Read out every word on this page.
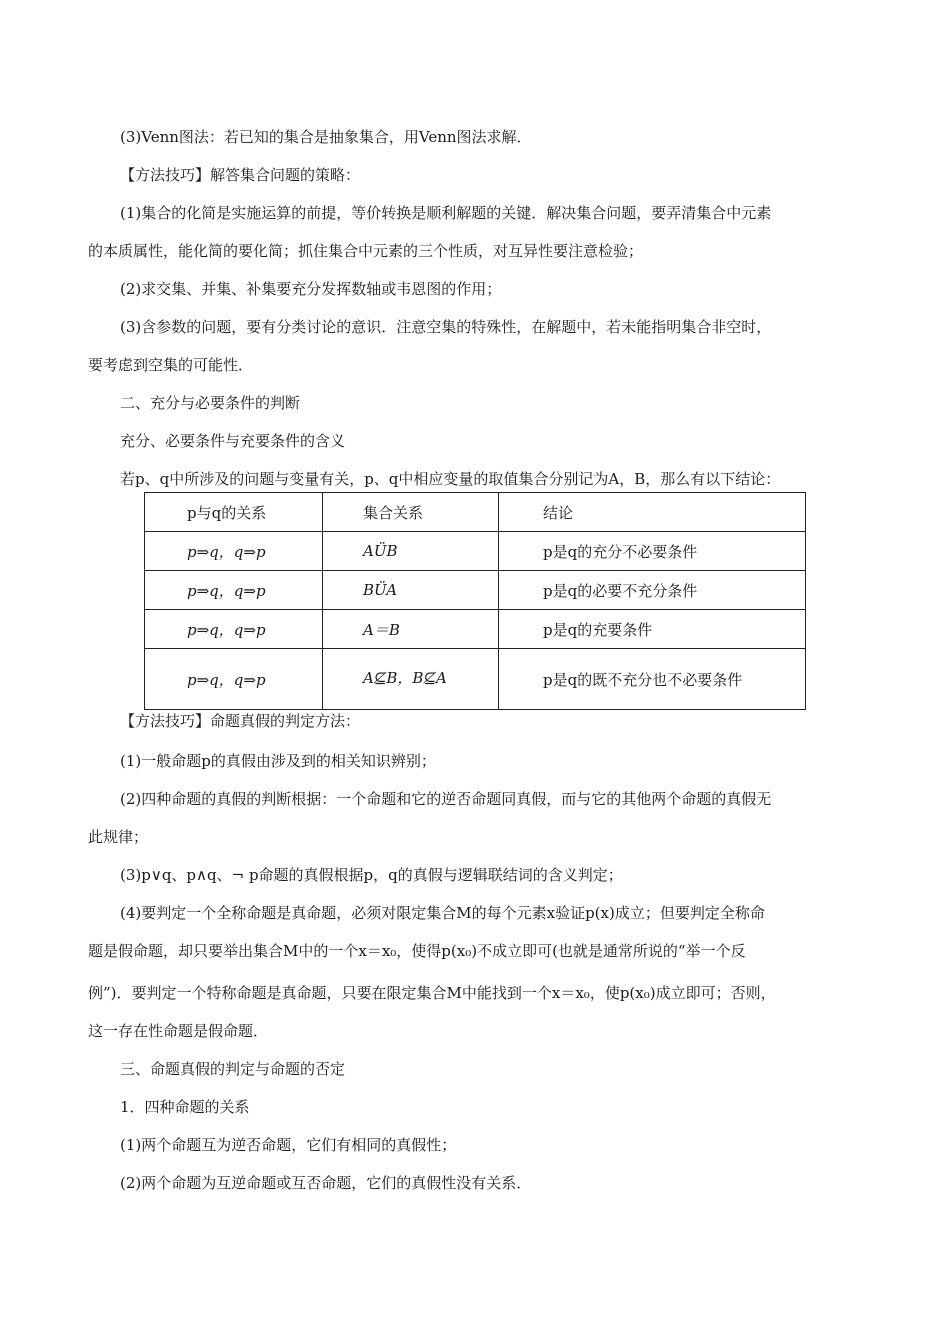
(3)Venn图法：若已知的集合是抽象集合，用Venn图法求解．
【方法技巧】解答集合问题的策略：
(1)集合的化简是实施运算的前提，等价转换是顺利解题的关键．解决集合问题，要弄清集合中元素
的本质属性，能化简的要化简；抓住集合中元素的三个性质，对互异性要注意检验；
(2)求交集、并集、补集要充分发挥数轴或韦恩图的作用；
(3)含参数的问题，要有分类讨论的意识．注意空集的特殊性，在解题中，若未能指明集合非空时，
要考虑到空集的可能性．
二、充分与必要条件的判断
充分、必要条件与充要条件的含义
若p、q中所涉及的问题与变量有关，p、q中相应变量的取值集合分别记为A，B，那么有以下结论：
p与q的关系	集合关系	结论
p⇒q，q⇒p	AÜB	p是q的充分不必要条件
p⇒q，q⇒p	BÜA	p是q的必要不充分条件
p⇒q，q⇒p	A＝B	p是q的充要条件
p⇒q，q⇒p	A⊈B，B⊈A	p是q的既不充分也不必要条件
【方法技巧】命题真假的判定方法：
(1)一般命题p的真假由涉及到的相关知识辨别；
(2)四种命题的真假的判断根据：一个命题和它的逆否命题同真假，而与它的其他两个命题的真假无
此规律；
(3)p∨q、p∧q、¬ p命题的真假根据p，q的真假与逻辑联结词的含义判定；
(4)要判定一个全称命题是真命题，必须对限定集合M的每个元素x验证p(x)成立；但要判定全称命
题是假命题，却只要举出集合M中的一个x＝x₀，使得p(x₀)不成立即可(也就是通常所说的“举一个反
例”)．要判定一个特称命题是真命题，只要在限定集合M中能找到一个x＝x₀，使p(x₀)成立即可；否则，
这一存在性命题是假命题．
三、命题真假的判定与命题的否定
1．四种命题的关系
(1)两个命题互为逆否命题，它们有相同的真假性；
(2)两个命题为互逆命题或互否命题，它们的真假性没有关系．
